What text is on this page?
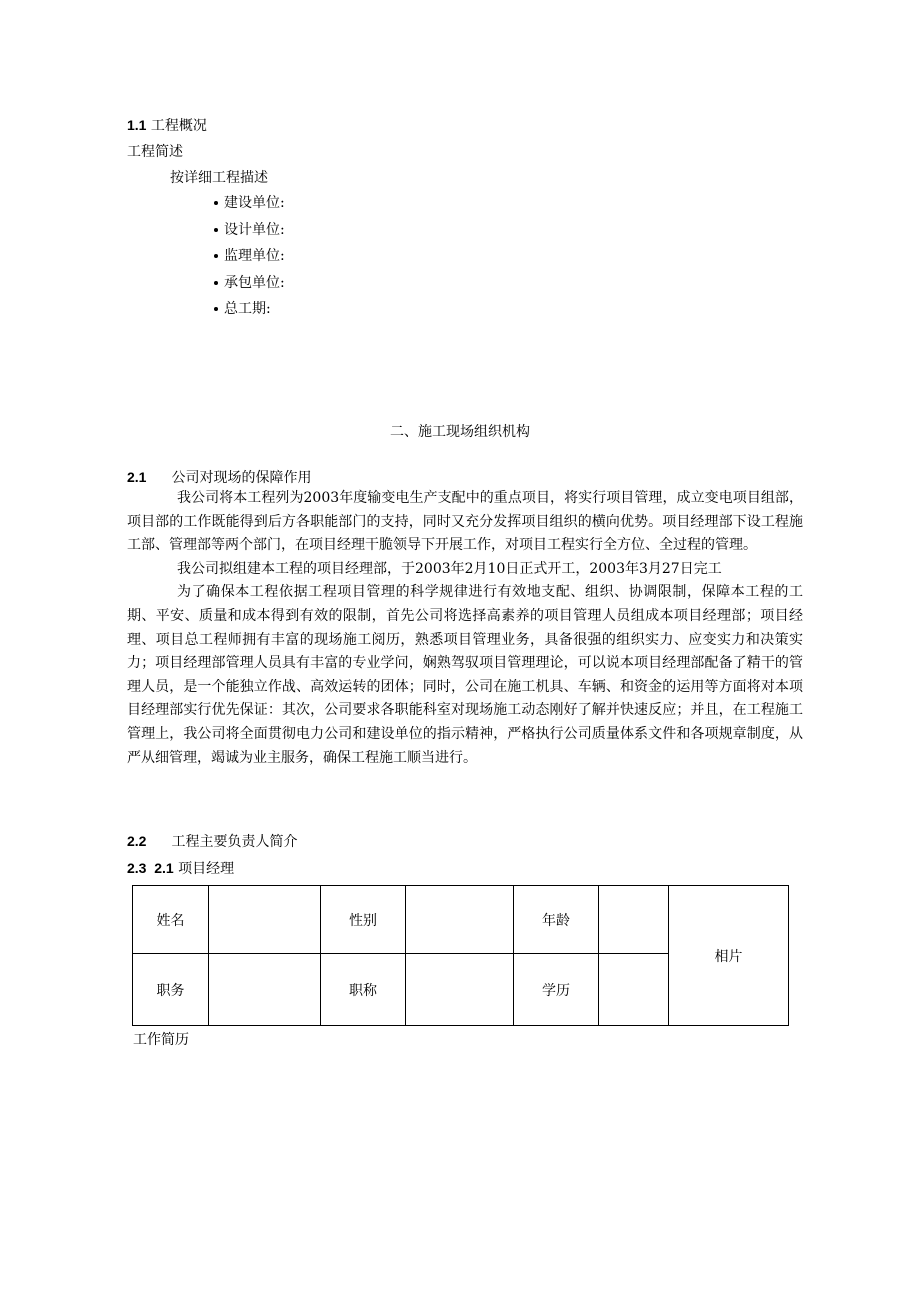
1.1 工程概况
工程简述
按详细工程描述
建设单位:
设计单位:
监理单位:
承包单位:
总工期:
二、施工现场组织机构
2.1 公司对现场的保障作用

我公司将本工程列为2003年度输变电生产支配中的重点项目，将实行项目管理，成立变电项目组部，项目部的工作既能得到后方各职能部门的支持，同时又充分发挥项目组织的横向优势。项目经理部下设工程施工部、管理部等两个部门，在项目经理干脆领导下开展工作，对项目工程实行全方位、全过程的管理。

我公司拟组建本工程的项目经理部，于2003年2月10日正式开工，2003年3月27日完工

为了确保本工程依据工程项目管理的科学规律进行有效地支配、组织、协调限制，保障本工程的工期、平安、质量和成本得到有效的限制，首先公司将选择高素养的项目管理人员组成本项目经理部；项目经理、项目总工程师拥有丰富的现场施工阅历，熟悉项目管理业务，具备很强的组织实力、应变实力和决策实力；项目经理部管理人员具有丰富的专业学问，娴熟驾驭项目管理理论，可以说本项目经理部配备了精干的管理人员，是一个能独立作战、高效运转的团体；同时，公司在施工机具、车辆、和资金的运用等方面将对本项目经理部实行优先保证：其次，公司要求各职能科室对现场施工动态刚好了解并快速反应；并且，在工程施工管理上，我公司将全面贯彻电力公司和建设单位的指示精神，严格执行公司质量体系文件和各项规章制度，从严从细管理，竭诚为业主服务，确保工程施工顺当进行。

2.2 工程主要负责人简介
2.3  2.1 项目经理
姓名		性别		年龄		相片
职务		职称		学历		
工作简历
